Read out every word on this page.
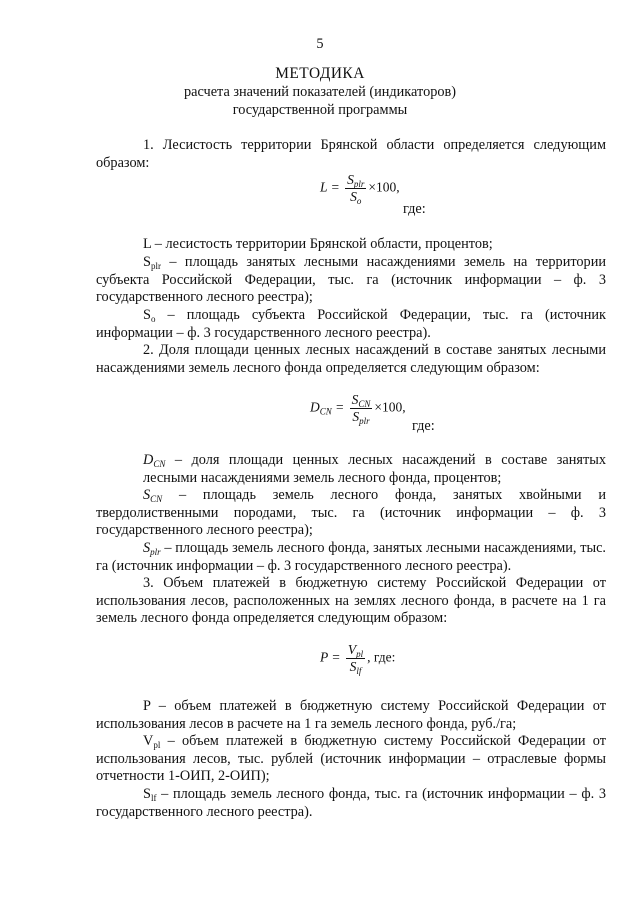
5
МЕТОДИКА
расчета значений показателей (индикаторов)
государственной программы
1. Лесистость территории Брянской области определяется следующим образом:
$L = \frac{S_{plr}}{S_o} \times 100$,
где:
L – лесистость территории Брянской области, процентов;
$S_{plr}$ – площадь занятых лесными насаждениями земель на территории субъекта Российской Федерации, тыс. га (источник информации – ф. 3 государственного лесного реестра);
$S_o$ – площадь субъекта Российской Федерации, тыс. га (источник информации – ф. 3 государственного лесного реестра).
2. Доля площади ценных лесных насаждений в составе занятых лесными насаждениями земель лесного фонда определяется следующим образом:
$D_{CN} = \frac{S_{CN}}{S_{plr}} \times 100$,
где:
$D_{CN}$ – доля площади ценных лесных насаждений в составе занятых лесными насаждениями земель лесного фонда, процентов;
$S_{CN}$ – площадь земель лесного фонда, занятых хвойными и твердолиственными породами, тыс. га (источник информации – ф. 3 государственного лесного реестра);
$S_{plr}$ – площадь земель лесного фонда, занятых лесными насаждениями, тыс. га (источник информации – ф. 3 государственного лесного реестра).
3. Объем платежей в бюджетную систему Российской Федерации от использования лесов, расположенных на землях лесного фонда, в расчете на 1 га земель лесного фонда определяется следующим образом:
$P = \frac{V_{pl}}{S_{lf}}$ , где:
P – объем платежей в бюджетную систему Российской Федерации от использования лесов в расчете на 1 га земель лесного фонда, руб./га;
$V_{pl}$ – объем платежей в бюджетную систему Российской Федерации от использования лесов, тыс. рублей (источник информации – отраслевые формы отчетности 1-ОИП, 2-ОИП);
$S_{lf}$ – площадь земель лесного фонда, тыс. га (источник информации – ф. 3 государственного лесного реестра).
